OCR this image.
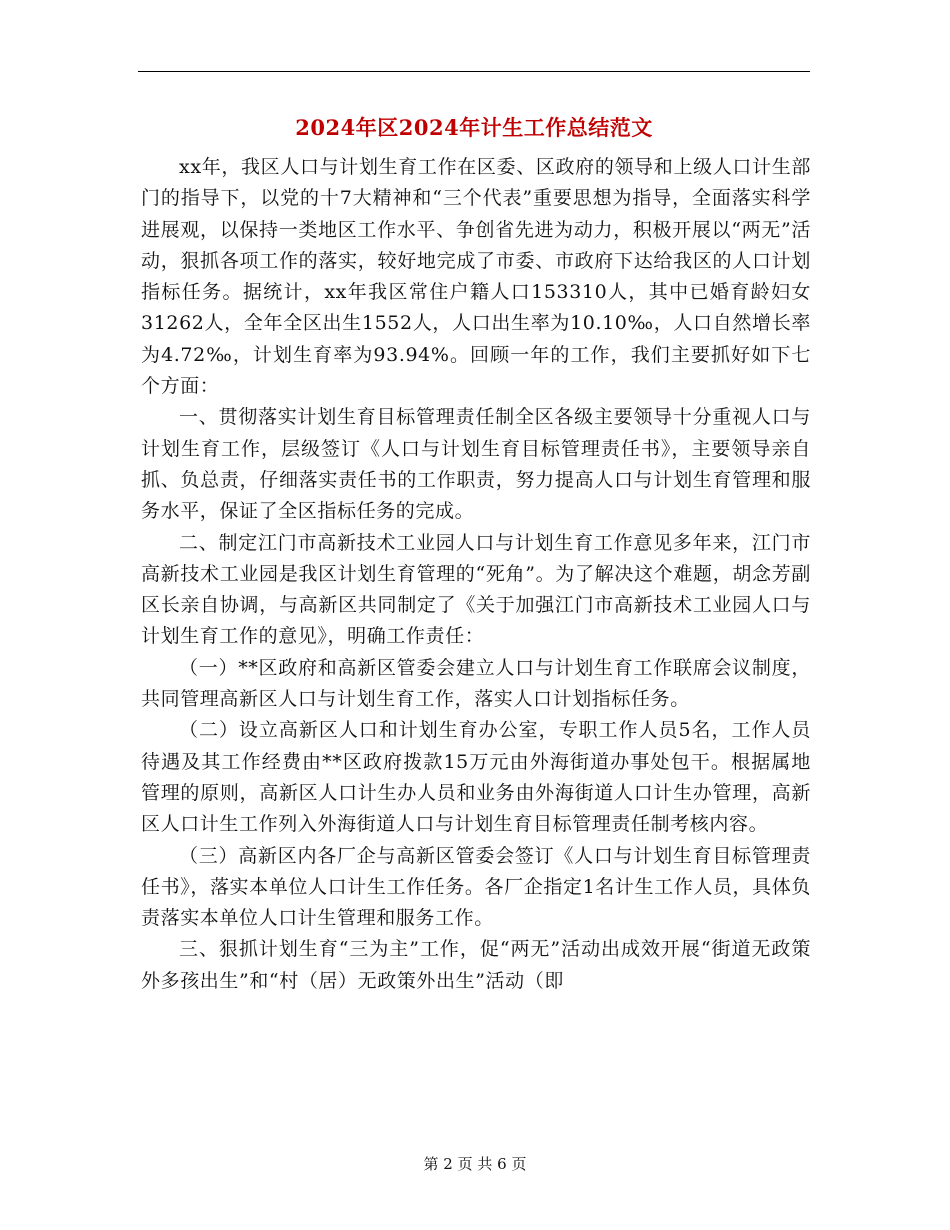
2024年区2024年计生工作总结范文

xx年，我区人口与计划生育工作在区委、区政府的领导和上级人口计生部门的指导下，以党的十7大精神和“三个代表”重要思想为指导，全面落实科学进展观，以保持一类地区工作水平、争创省先进为动力，积极开展以“两无”活动，狠抓各项工作的落实，较好地完成了市委、市政府下达给我区的人口计划指标任务。据统计，xx年我区常住户籍人口153310人，其中已婚育龄妇女31262人，全年全区出生1552人，人口出生率为10.10‰，人口自然增长率为4.72‰，计划生育率为93.94%。回顾一年的工作，我们主要抓好如下七个方面：

一、贯彻落实计划生育目标管理责任制全区各级主要领导十分重视人口与计划生育工作，层级签订《人口与计划生育目标管理责任书》，主要领导亲自抓、负总责，仔细落实责任书的工作职责，努力提高人口与计划生育管理和服务水平，保证了全区指标任务的完成。

二、制定江门市高新技术工业园人口与计划生育工作意见多年来，江门市高新技术工业园是我区计划生育管理的“死角”。为了解决这个难题，胡念芳副区长亲自协调，与高新区共同制定了《关于加强江门市高新技术工业园人口与计划生育工作的意见》，明确工作责任：

（一）**区政府和高新区管委会建立人口与计划生育工作联席会议制度，共同管理高新区人口与计划生育工作，落实人口计划指标任务。

（二）设立高新区人口和计划生育办公室，专职工作人员5名，工作人员待遇及其工作经费由**区政府拨款15万元由外海街道办事处包干。根据属地管理的原则，高新区人口计生办人员和业务由外海街道人口计生办管理，高新区人口计生工作列入外海街道人口与计划生育目标管理责任制考核内容。

（三）高新区内各厂企与高新区管委会签订《人口与计划生育目标管理责任书》，落实本单位人口计生工作任务。各厂企指定1名计生工作人员，具体负责落实本单位人口计生管理和服务工作。

三、狠抓计划生育“三为主”工作，促“两无”活动出成效开展“街道无政策外多孩出生”和“村（居）无政策外出生”活动（即

第 2 页 共 6 页
